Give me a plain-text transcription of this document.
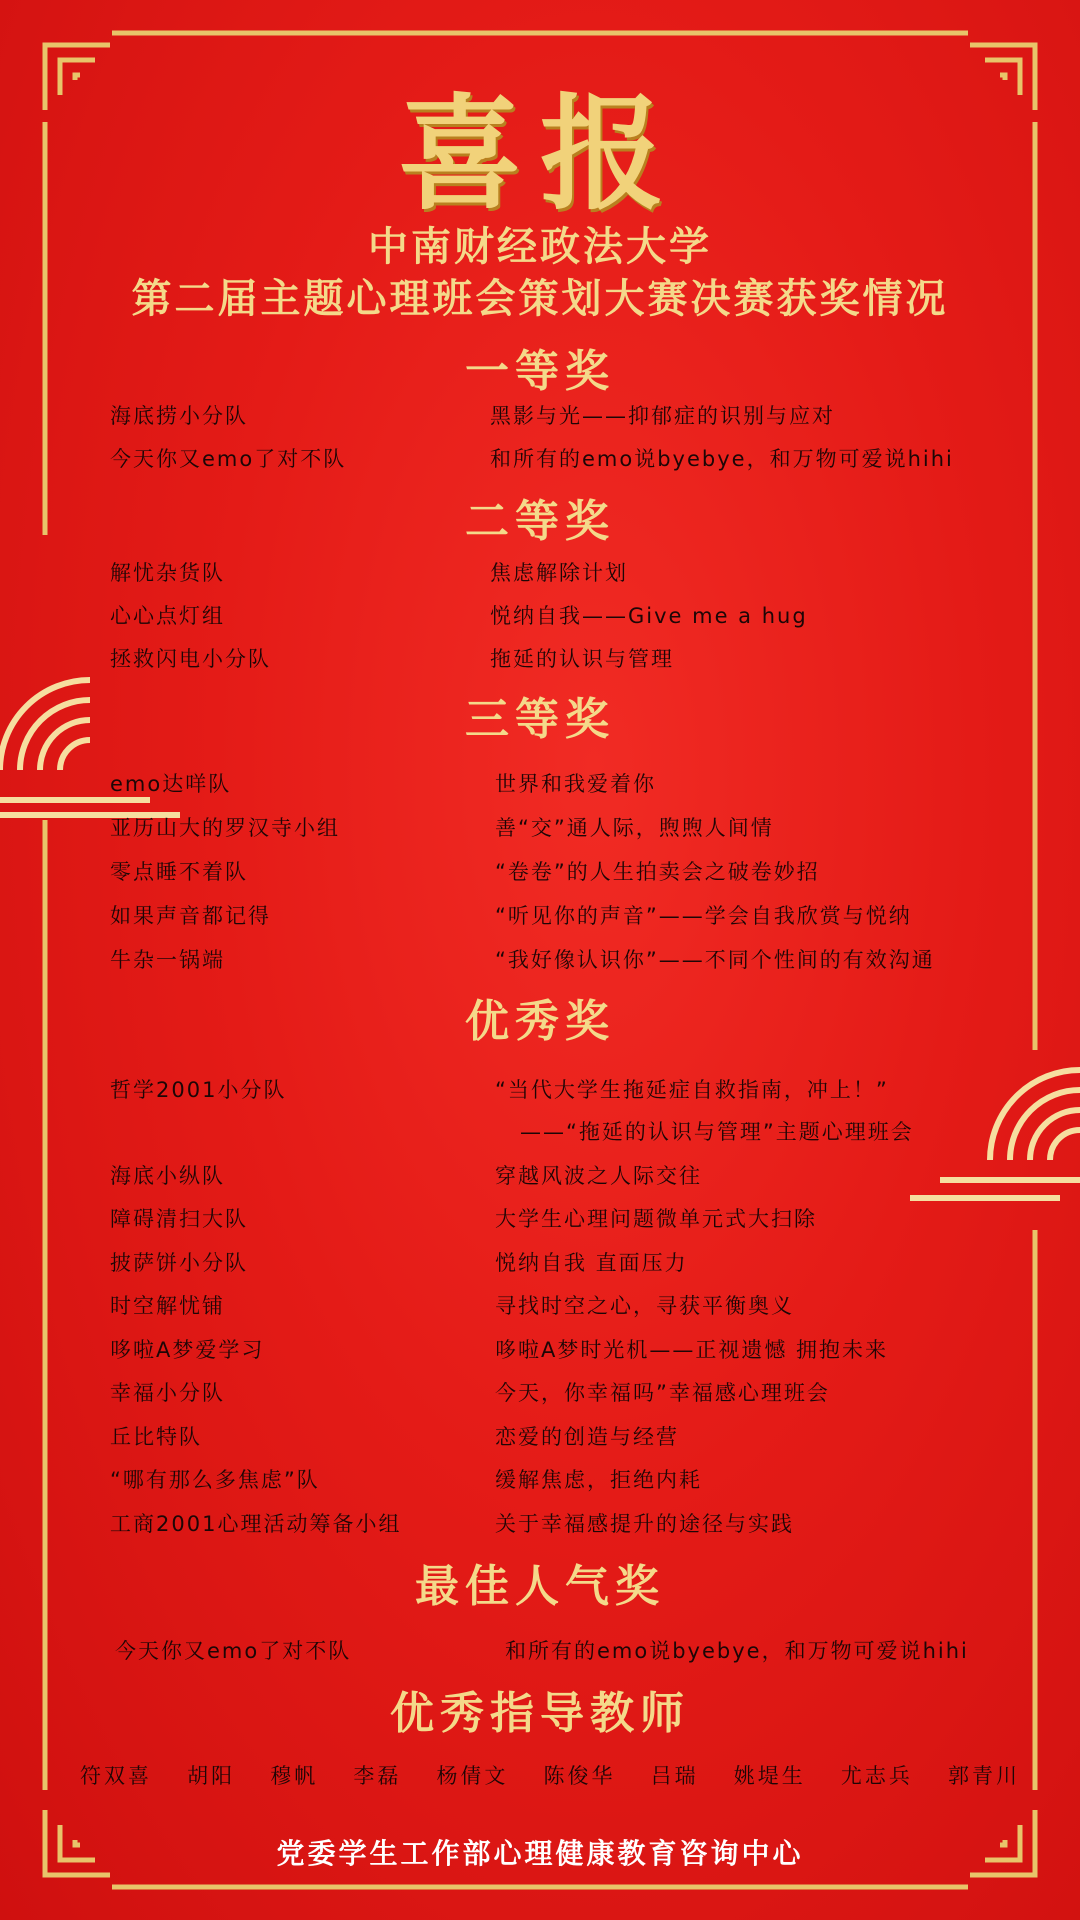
喜报
中南财经政法大学
第二届主题心理班会策划大赛决赛获奖情况
一等奖
海底捞小分队	黑影与光——抑郁症的识别与应对
今天你又emo了对不队	和所有的emo说byebye，和万物可爱说hihi
二等奖
解忧杂货队	焦虑解除计划
心心点灯组	悦纳自我——Give me a hug
拯救闪电小分队	拖延的认识与管理
三等奖
emo达咩队	世界和我爱着你
亚历山大的罗汉寺小组	善“交”通人际，煦煦人间情
零点睡不着队	“卷卷”的人生拍卖会之破卷妙招
如果声音都记得	“听见你的声音”——学会自我欣赏与悦纳
牛杂一锅端	“我好像认识你”——不同个性间的有效沟通
优秀奖
哲学2001小分队	“当代大学生拖延症自救指南，冲上！”
——“拖延的认识与管理”主题心理班会
海底小纵队	穿越风波之人际交往
障碍清扫大队	大学生心理问题微单元式大扫除
披萨饼小分队	悦纳自我 直面压力
时空解忧铺	寻找时空之心，寻获平衡奥义
哆啦A梦爱学习	哆啦A梦时光机——正视遗憾 拥抱未来
幸福小分队	今天，你幸福吗”幸福感心理班会
丘比特队	恋爱的创造与经营
“哪有那么多焦虑”队	缓解焦虑，拒绝内耗
工商2001心理活动筹备小组	关于幸福感提升的途径与实践
最佳人气奖
今天你又emo了对不队	和所有的emo说byebye，和万物可爱说hihi
优秀指导教师
符双喜 胡阳 穆帆 李磊 杨倩文 陈俊华 吕瑞 姚堤生 尤志兵 郭青川
党委学生工作部心理健康教育咨询中心
